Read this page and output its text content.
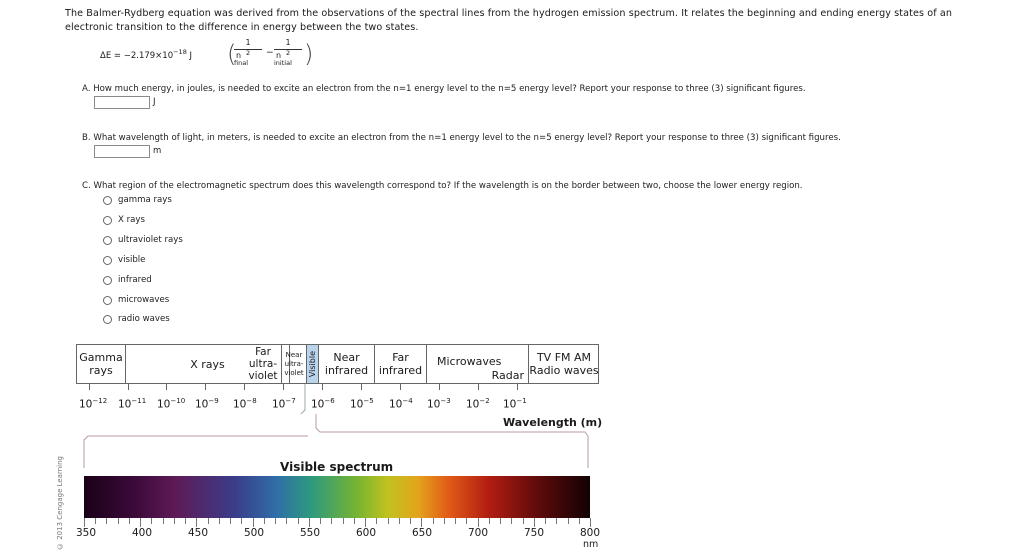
The Balmer-Rydberg equation was derived from the observations of the spectral lines from the hydrogen emission spectrum. It relates the beginning and ending energy states of an electronic transition to the difference in energy between the two states.
$\Delta E = -2.179\times 10^{-18}$ J (	1
n 2
final
−
1
n 2
initial )
A. How much energy, in joules, is needed to excite an electron from the n=1 energy level to the n=5 energy level? Report your response to three (3) significant figures.
J
B. What wavelength of light, in meters, is needed to excite an electron from the n=1 energy level to the n=5 energy level? Report your response to three (3) significant figures.
m
C. What region of the electromagnetic spectrum does this wavelength correspond to? If the wavelength is on the border between two, choose the lower energy region.
gamma rays
X rays
ultraviolet rays
visible
infrared
microwaves
radio waves
Gamma rays	X rays
Far ultra- violet
Near ultra- violet Visible	Near infrared
Far infrared
Microwaves
Radar
TV FM AM
Radio waves
$10^{-12}$ $10^{-11}$ $10^{-10}$ $10^{-9}$ $10^{-8}$ $10^{-7}$ $10^{-6}$ $10^{-5}$ $10^{-4}$ $10^{-3}$ $10^{-2}$ $10^{-1}$
Wavelength (m)
Visible spectrum
350	400	450	500	550	600	650	700	750	800
nm
© 2013 Cengage Learning
